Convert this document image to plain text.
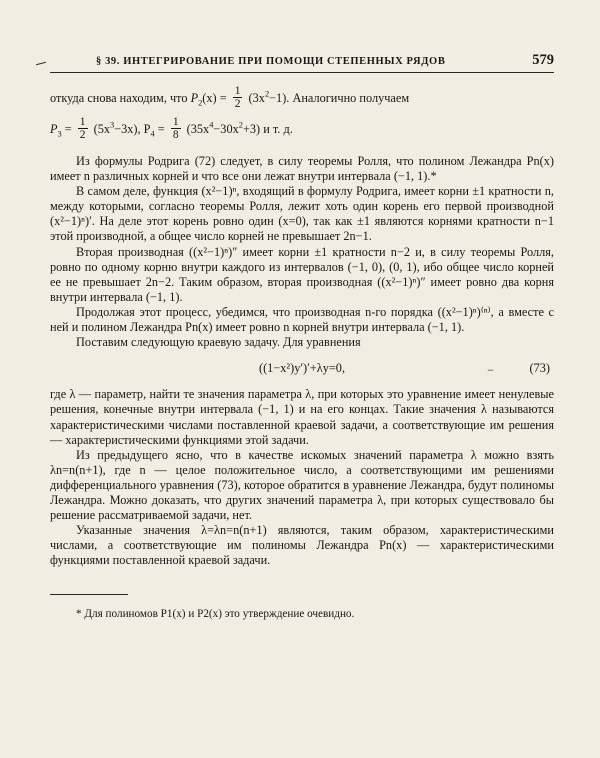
§ 39. ИНТЕГРИРОВАНИЕ ПРИ ПОМОЩИ СТЕПЕННЫХ РЯДОВ	579

откуда снова находим, что $P_2(x) = \frac{1}{2} (3x^2-1)$. Аналогично получаем

$P_3 = \frac{1}{2} (5x^3-3x)$, $P_4 = \frac{1}{8} (35x^4-30x^2+3)$ и т. д.

Из формулы Родрига (72) следует, в силу теоремы Ролля, что полином Лежандра Pn(x) имеет n различных корней и что все они лежат внутри интервала (−1, 1).*

В самом деле, функция (x²−1)ⁿ, входящий в формулу Родрига, имеет корни ±1 кратности n, между которыми, согласно теоремы Ролля, лежит хоть один корень его первой производной (x²−1)ⁿ)′. На деле этот корень ровно один (x=0), так как ±1 являются корнями кратности n−1 этой производной, а общее число корней не превышает 2n−1.

Вторая производная ((x²−1)ⁿ)″ имеет корни ±1 кратности n−2 и, в силу теоремы Ролля, ровно по одному корню внутри каждого из интервалов (−1, 0), (0, 1), ибо общее число корней ее не превышает 2n−2. Таким образом, вторая производная ((x²−1)ⁿ)″ имеет ровно два корня внутри интервала (−1, 1).

Продолжая этот процесс, убедимся, что производная n-го порядка ((x²−1)ⁿ)⁽ⁿ⁾, а вместе с ней и полином Лежандра Pn(x) имеет ровно n корней внутри интервала (−1, 1).

Поставим следующую краевую задачу. Для уравнения

((1−x²)y′)′+λy=0,	−	(73)

где λ — параметр, найти те значения параметра λ, при которых это уравнение имеет ненулевые решения, конечные внутри интервала (−1, 1) и на его концах. Такие значения λ называются характеристическими числами поставленной краевой задачи, а соответствующие им решения — характеристическими функциями этой задачи.

Из предыдущего ясно, что в качестве искомых значений параметра λ можно взять λn=n(n+1), где n — целое положительное число, а соответствующими им решениями дифференциального уравнения (73), которое обратится в уравнение Лежандра, будут полиномы Лежандра. Можно доказать, что других значений параметра λ, при которых существовало бы решение рассматриваемой задачи, нет.

Указанные значения λ=λn=n(n+1) являются, таким образом, характеристическими числами, а соответствующие им полиномы Лежандра Pn(x) — характеристическими функциями поставленной краевой задачи.

* Для полиномов P1(x) и P2(x) это утверждение очевидно.
